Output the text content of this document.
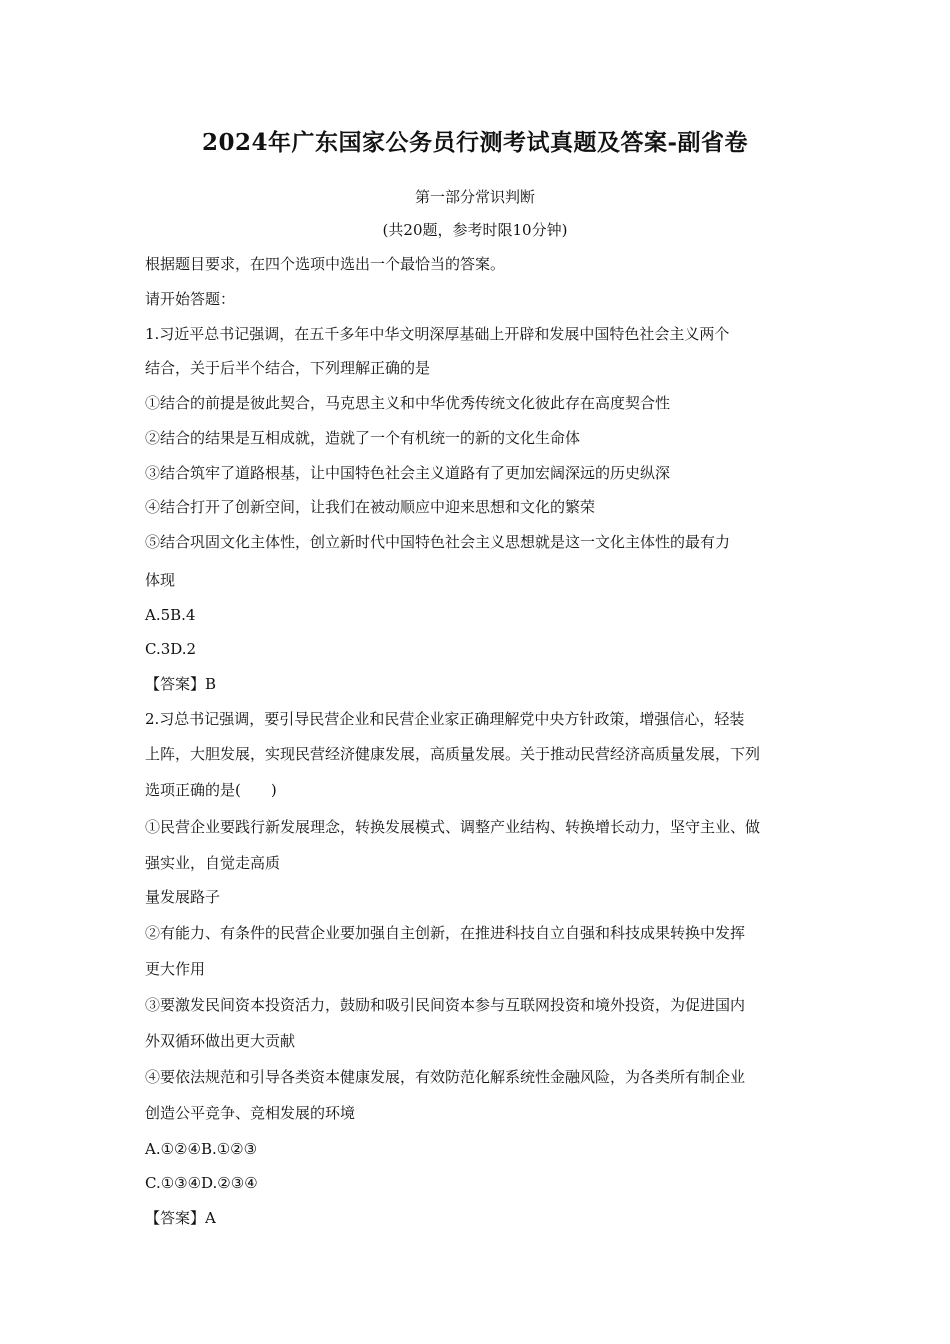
2024年广东国家公务员行测考试真题及答案-副省卷
第一部分常识判断
(共20题，参考时限10分钟)
根据题目要求，在四个选项中选出一个最恰当的答案。
请开始答题：
1.习近平总书记强调，在五千多年中华文明深厚基础上开辟和发展中国特色社会主义两个
结合，关于后半个结合，下列理解正确的是
①结合的前提是彼此契合，马克思主义和中华优秀传统文化彼此存在高度契合性
②结合的结果是互相成就，造就了一个有机统一的新的文化生命体
③结合筑牢了道路根基，让中国特色社会主义道路有了更加宏阔深远的历史纵深
④结合打开了创新空间，让我们在被动顺应中迎来思想和文化的繁荣
⑤结合巩固文化主体性，创立新时代中国特色社会主义思想就是这一文化主体性的最有力
体现
A.5B.4
C.3D.2
【答案】B
2.习总书记强调，要引导民营企业和民营企业家正确理解党中央方针政策，增强信心，轻装
上阵，大胆发展，实现民营经济健康发展，高质量发展。关于推动民营经济高质量发展，下列
选项正确的是(　　)
①民营企业要践行新发展理念，转换发展模式、调整产业结构、转换增长动力，坚守主业、做
强实业，自觉走高质
量发展路子
②有能力、有条件的民营企业要加强自主创新，在推进科技自立自强和科技成果转换中发挥
更大作用
③要激发民间资本投资活力，鼓励和吸引民间资本参与互联网投资和境外投资，为促进国内
外双循环做出更大贡献
④要依法规范和引导各类资本健康发展，有效防范化解系统性金融风险，为各类所有制企业
创造公平竞争、竞相发展的环境
A.①②④B.①②③
C.①③④D.②③④
【答案】A
